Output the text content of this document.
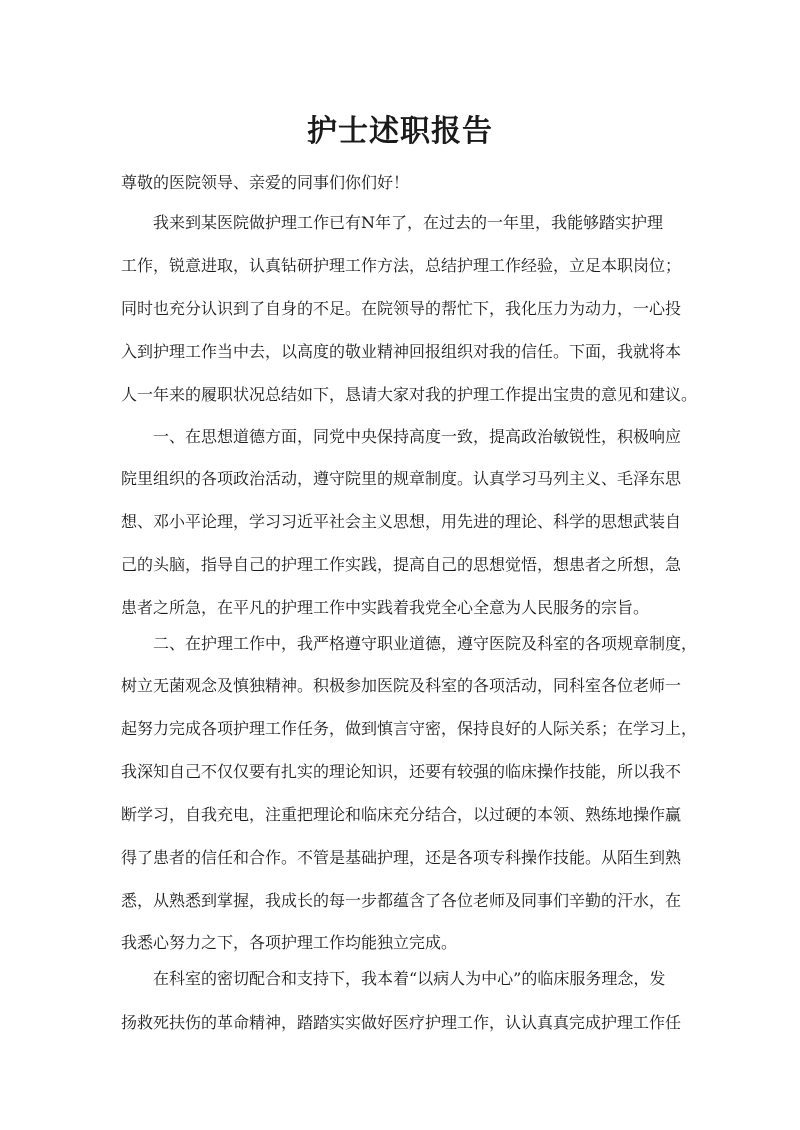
护士述职报告

尊敬的医院领导、亲爱的同事们你们好！

我来到某医院做护理工作已有N年了，在过去的一年里，我能够踏实护理

工作，锐意进取，认真钻研护理工作方法，总结护理工作经验，立足本职岗位；

同时也充分认识到了自身的不足。在院领导的帮忙下，我化压力为动力，一心投

入到护理工作当中去，以高度的敬业精神回报组织对我的信任。下面，我就将本

人一年来的履职状况总结如下，恳请大家对我的护理工作提出宝贵的意见和建议。

一、在思想道德方面，同党中央保持高度一致，提高政治敏锐性，积极响应

院里组织的各项政治活动，遵守院里的规章制度。认真学习马列主义、毛泽东思

想、邓小平论理，学习习近平社会主义思想，用先进的理论、科学的思想武装自

己的头脑，指导自己的护理工作实践，提高自己的思想觉悟，想患者之所想，急

患者之所急，在平凡的护理工作中实践着我党全心全意为人民服务的宗旨。

二、在护理工作中，我严格遵守职业道德，遵守医院及科室的各项规章制度，

树立无菌观念及慎独精神。积极参加医院及科室的各项活动，同科室各位老师一

起努力完成各项护理工作任务，做到慎言守密，保持良好的人际关系；在学习上，

我深知自己不仅仅要有扎实的理论知识，还要有较强的临床操作技能，所以我不

断学习，自我充电，注重把理论和临床充分结合，以过硬的本领、熟练地操作赢

得了患者的信任和合作。不管是基础护理，还是各项专科操作技能。从陌生到熟

悉，从熟悉到掌握，我成长的每一步都蕴含了各位老师及同事们辛勤的汗水，在

我悉心努力之下，各项护理工作均能独立完成。

在科室的密切配合和支持下，我本着“以病人为中心”的临床服务理念，发

扬救死扶伤的革命精神，踏踏实实做好医疗护理工作，认认真真完成护理工作任
